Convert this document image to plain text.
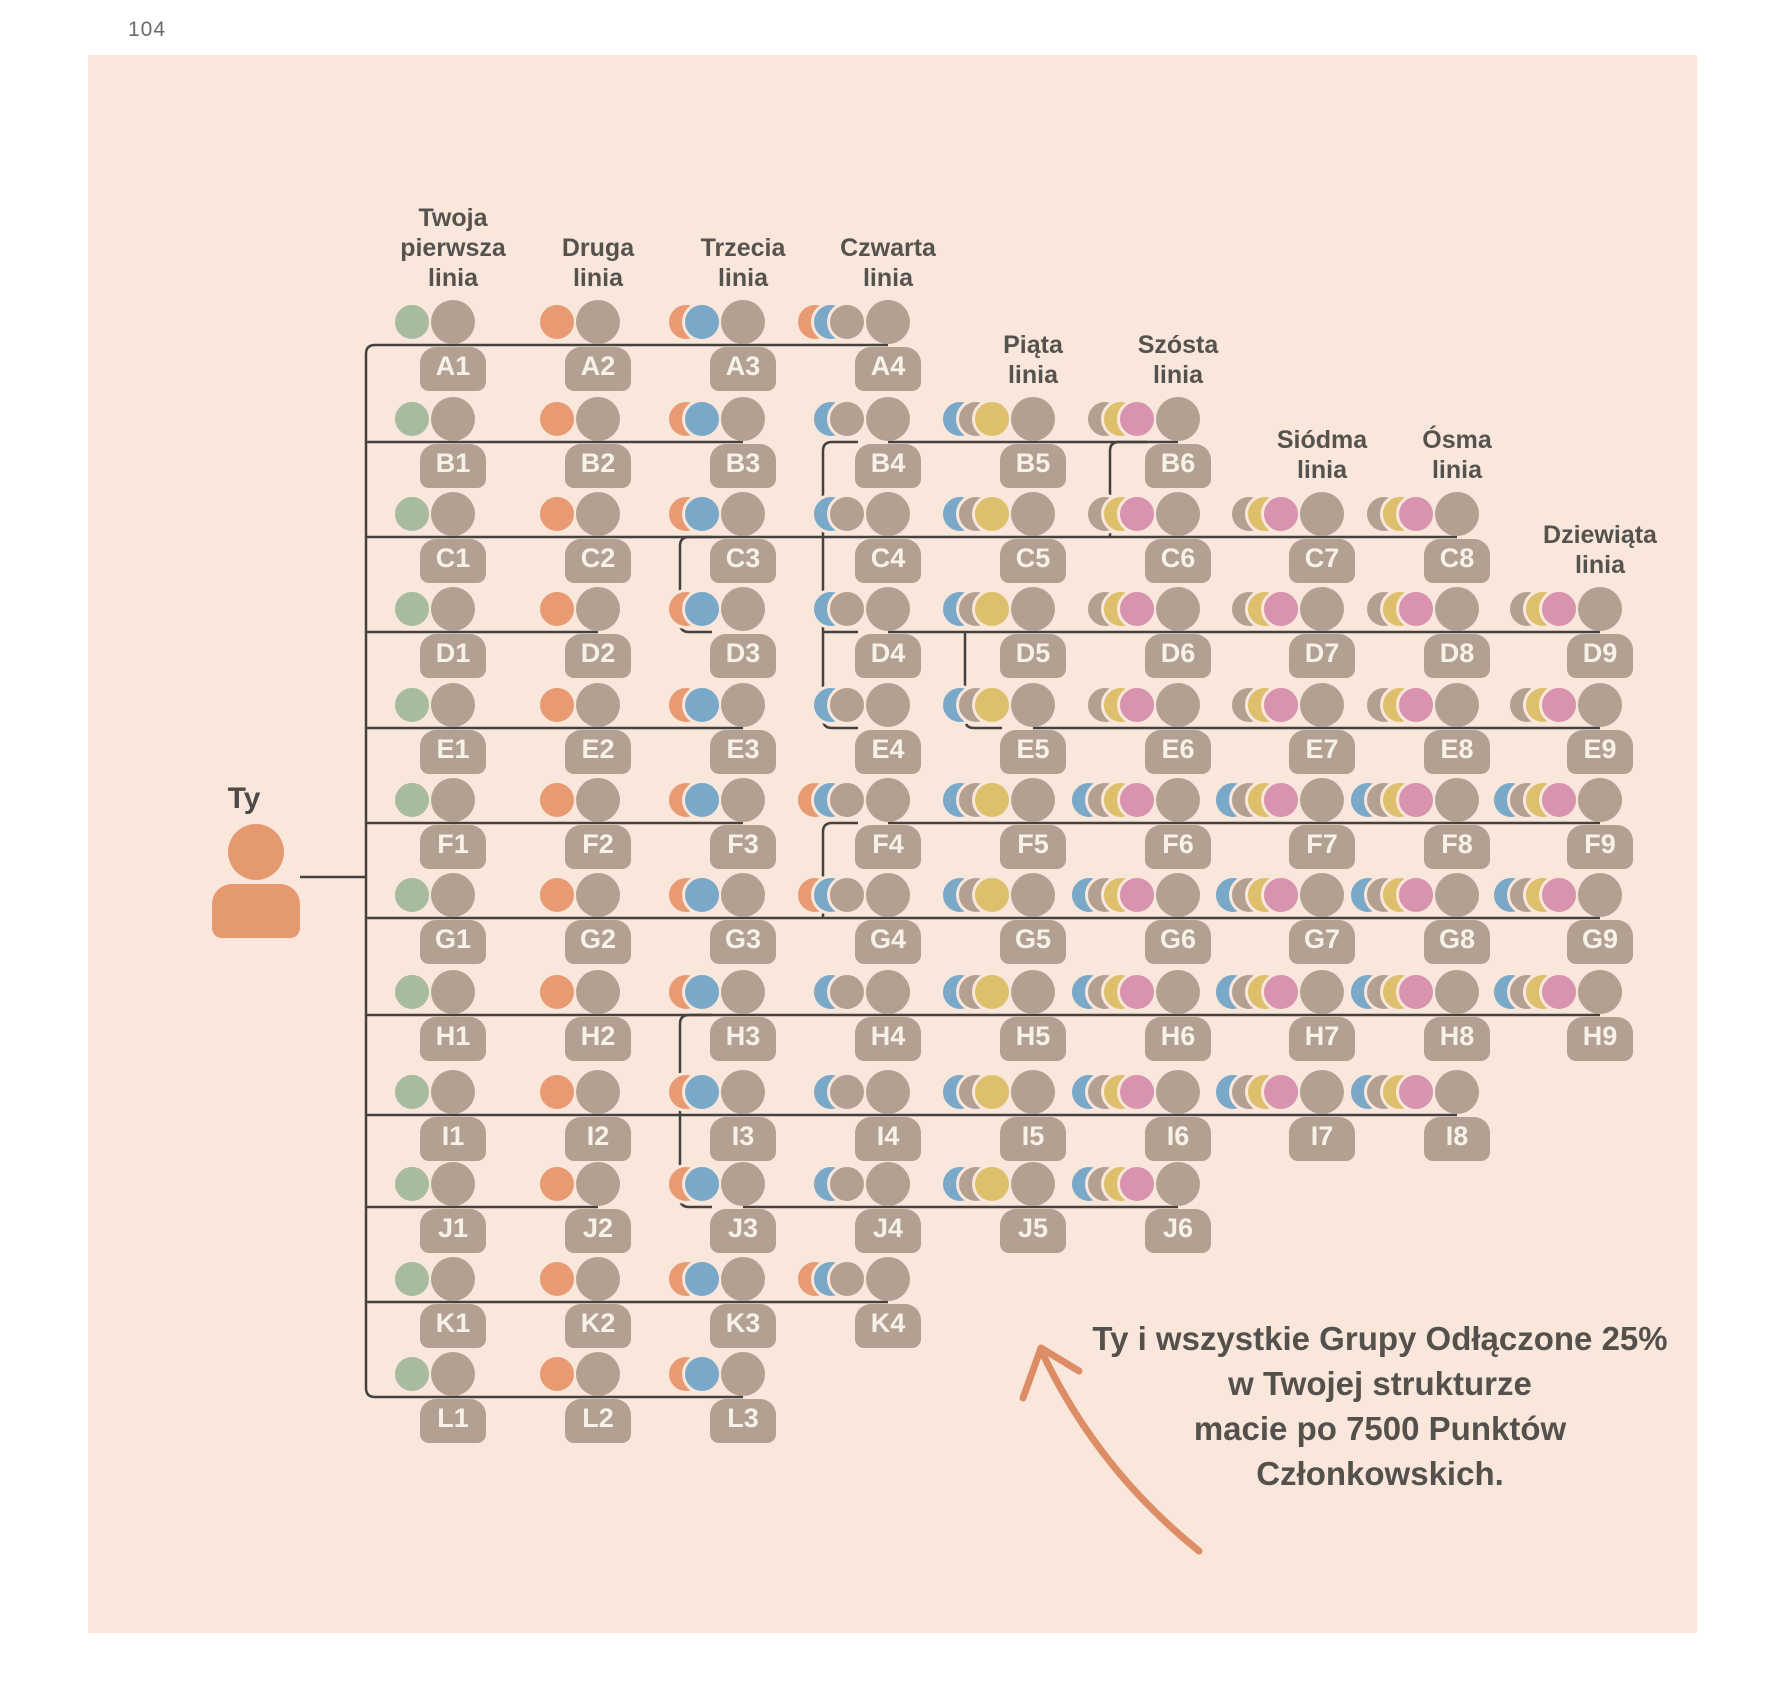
104
A1	A2	A3	A4
B1	B2	B3	B4	B5	B6
C1	C2	C3	C4	C5	C6	C7	C8
D1	D2	D3	D4	D5	D6	D7	D8	D9
E1	E2	E3	E4	E5	E6	E7	E8	E9
F1	F2	F3	F4	F5	F6	F7	F8	F9
G1	G2	G3	G4	G5	G6	G7	G8	G9
H1	H2	H3	H4	H5	H6	H7	H8	H9
I1	I2	I3	I4	I5	I6	I7	I8
J1	J2	J3	J4	J5	J6
K1	K2	K3	K4
L1	L2	L3
Twoja
pierwsza
linia
Druga
linia
Trzecia
linia
Czwarta
linia
Piąta
linia
Szósta
linia
Siódma
linia
Ósma
linia
Dziewiąta
linia
Ty
Ty i wszystkie Grupy Odłączone 25%
w Twojej strukturze
macie po 7500 Punktów
Członkowskich.
